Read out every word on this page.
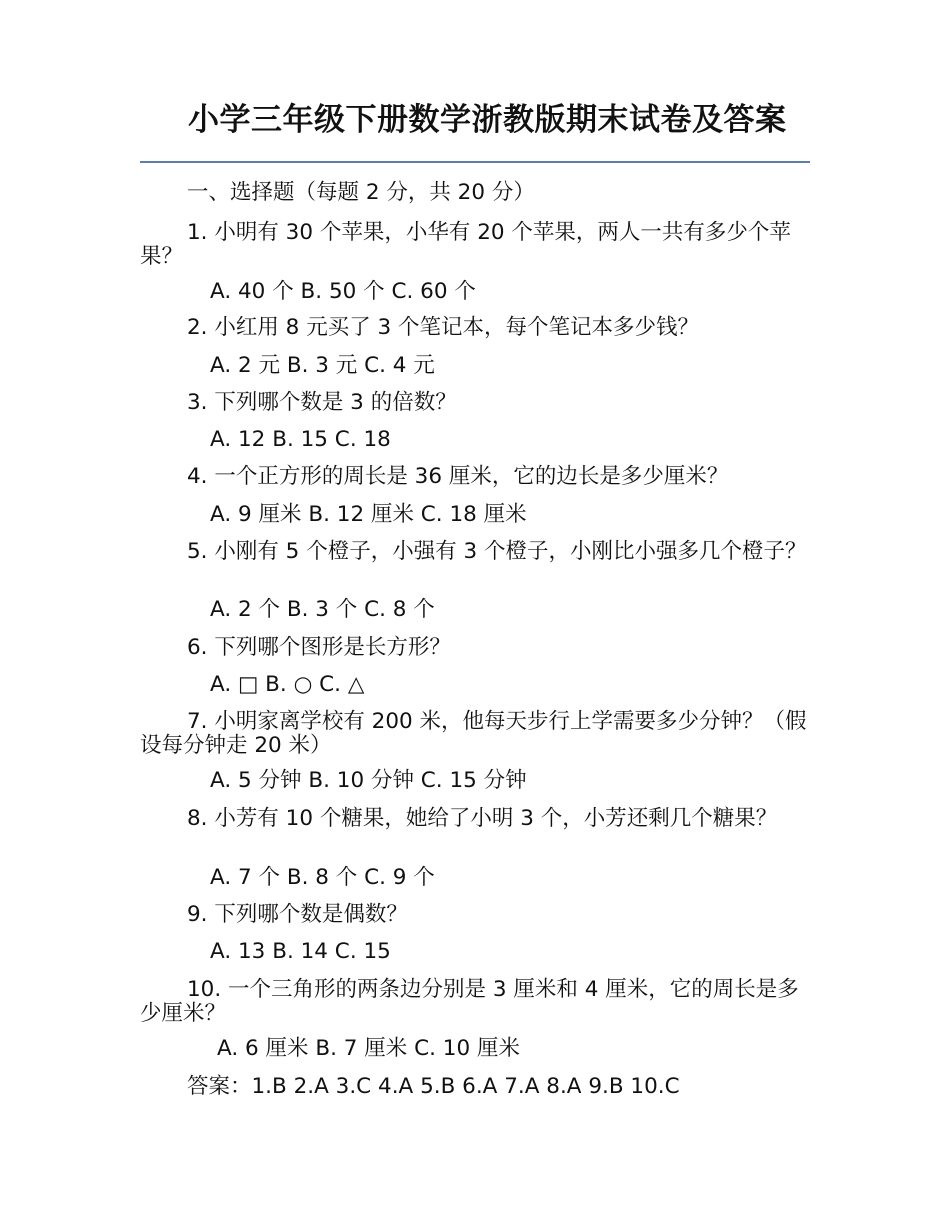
小学三年级下册数学浙教版期末试卷及答案
一、选择题（每题 2 分，共 20 分）
1. 小明有 30 个苹果，小华有 20 个苹果，两人一共有多少个苹果？
A. 40 个 B. 50 个 C. 60 个
2. 小红用 8 元买了 3 个笔记本，每个笔记本多少钱？
A. 2 元 B. 3 元 C. 4 元
3. 下列哪个数是 3 的倍数？
A. 12 B. 15 C. 18
4. 一个正方形的周长是 36 厘米，它的边长是多少厘米？
A. 9 厘米 B. 12 厘米 C. 18 厘米
5. 小刚有 5 个橙子，小强有 3 个橙子，小刚比小强多几个橙子？
A. 2 个 B. 3 个 C. 8 个
6. 下列哪个图形是长方形？
A. □ B. ○ C. △
7. 小明家离学校有 200 米，他每天步行上学需要多少分钟？（假设每分钟走 20 米）
A. 5 分钟 B. 10 分钟 C. 15 分钟
8. 小芳有 10 个糖果，她给了小明 3 个，小芳还剩几个糖果？
A. 7 个 B. 8 个 C. 9 个
9. 下列哪个数是偶数？
A. 13 B. 14 C. 15
10. 一个三角形的两条边分别是 3 厘米和 4 厘米，它的周长是多少厘米？
A. 6 厘米 B. 7 厘米 C. 10 厘米
答案：1.B 2.A 3.C 4.A 5.B 6.A 7.A 8.A 9.B 10.C
